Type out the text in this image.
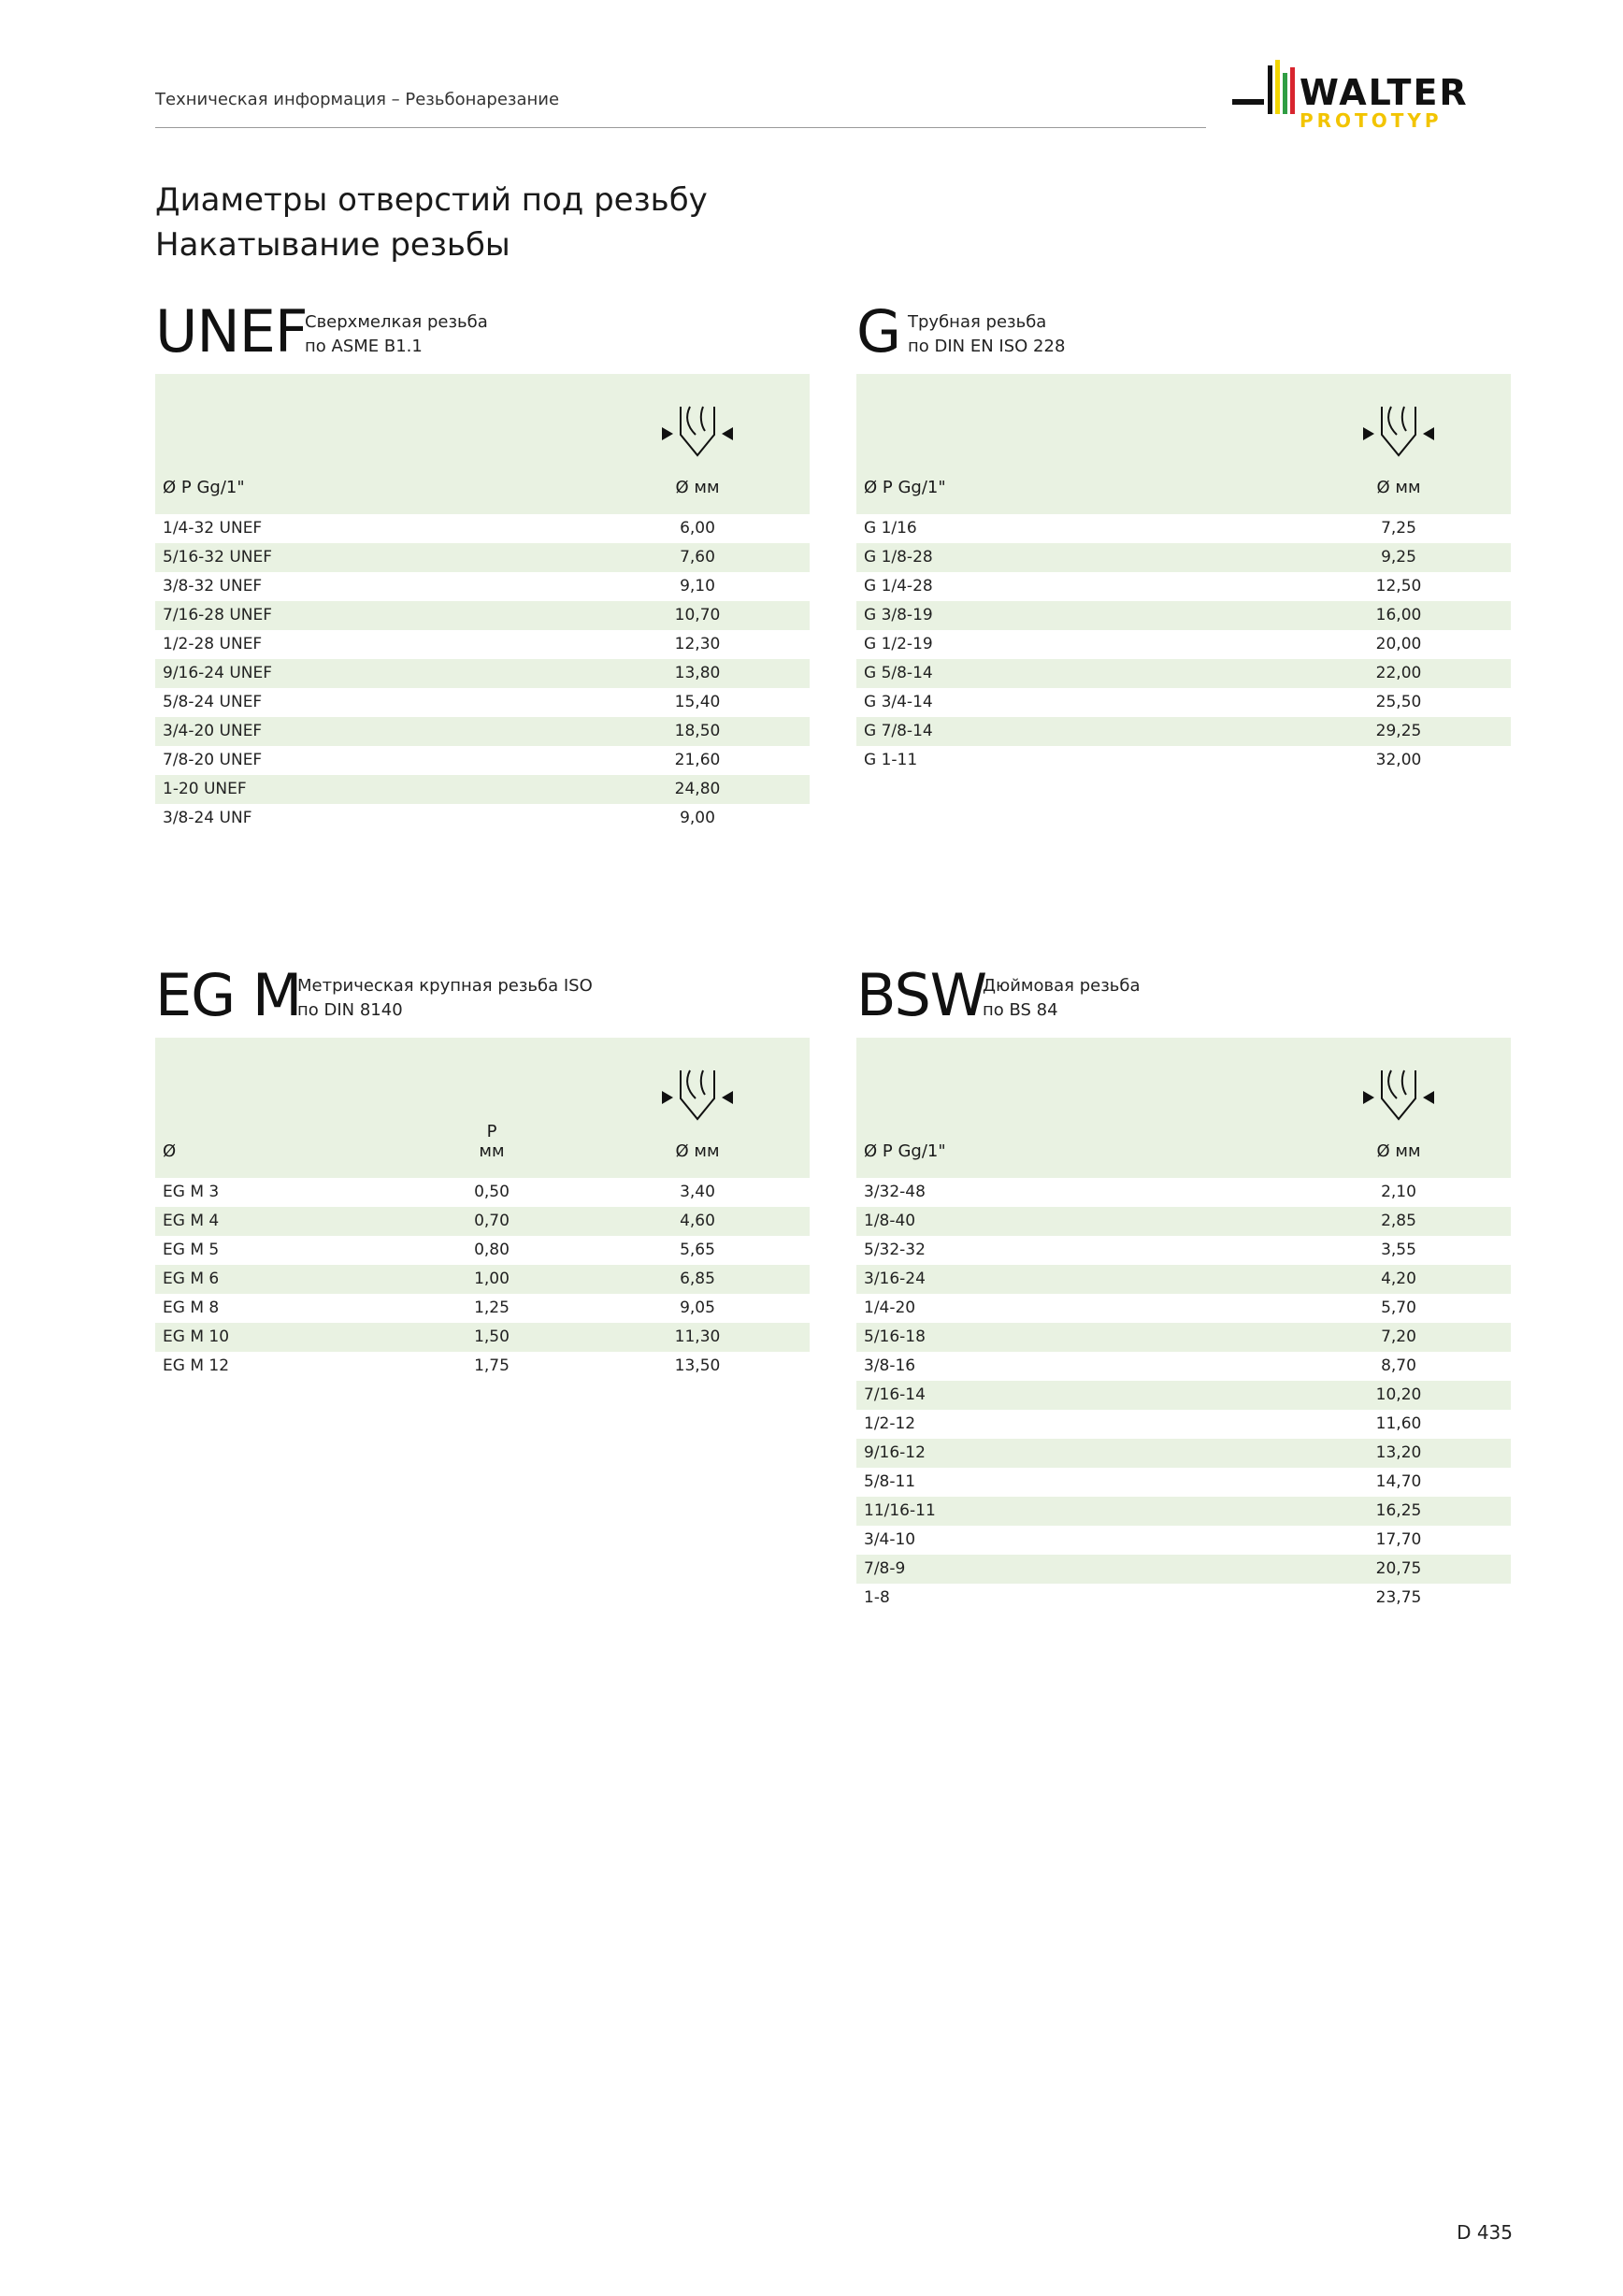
Техническая информация – Резьбонарезание	WALTER
PROTOTYP
Диаметры отверстий под резьбу
Накатывание резьбы
UNEF
Сверхмелкая резьба
по ASME B1.1
Ø P Gg/1"	Ø мм

1/4-32 UNEF	6,00
5/16-32 UNEF	7,60
3/8-32 UNEF	9,10
7/16-28 UNEF	10,70
1/2-28 UNEF	12,30
9/16-24 UNEF	13,80
5/8-24 UNEF	15,40
3/4-20 UNEF	18,50
7/8-20 UNEF	21,60
1-20 UNEF	24,80
3/8-24 UNF	9,00
G Трубная резьба
по DIN EN ISO 228
Ø P Gg/1"	Ø мм

G 1/16	7,25
G 1/8-28	9,25
G 1/4-28	12,50
G 3/8-19	16,00
G 1/2-19	20,00
G 5/8-14	22,00
G 3/4-14	25,50
G 7/8-14	29,25
G 1-11	32,00
EG M
Метрическая крупная резьба ISO
по DIN 8140
Ø	P
мм	Ø мм

EG M 3	0,50	3,40
EG M 4	0,70	4,60
EG M 5	0,80	5,65
EG M 6	1,00	6,85
EG M 8	1,25	9,05
EG M 10	1,50	11,30
EG M 12	1,75	13,50
BSW
Дюймовая резьба
по BS 84
Ø P Gg/1"	Ø мм

3/32-48	2,10
1/8-40	2,85
5/32-32	3,55
3/16-24	4,20
1/4-20	5,70
5/16-18	7,20
3/8-16	8,70
7/16-14	10,20
1/2-12	11,60
9/16-12	13,20
5/8-11	14,70
11/16-11	16,25
3/4-10	17,70
7/8-9	20,75
1-8	23,75
D 435
